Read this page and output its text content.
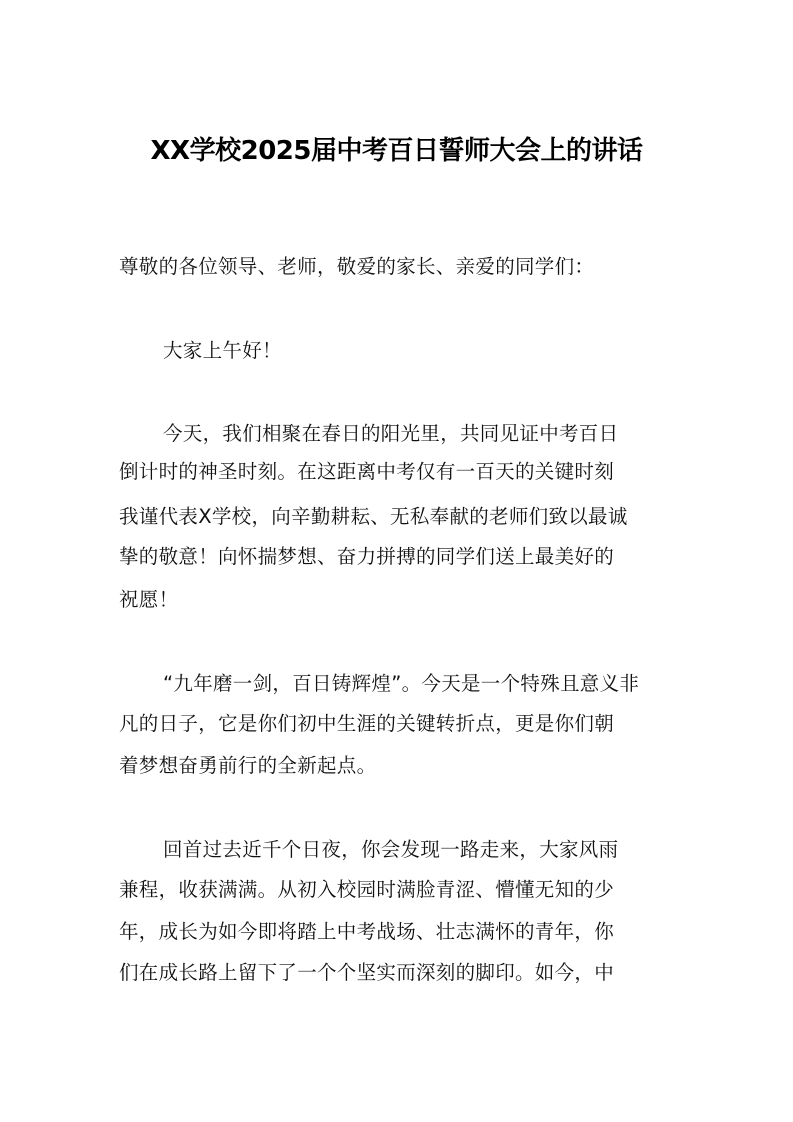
XX学校2025届中考百日誓师大会上的讲话
尊敬的各位领导、老师，敬爱的家长、亲爱的同学们：
大家上午好！
今天，我们相聚在春日的阳光里，共同见证中考百日
倒计时的神圣时刻。在这距离中考仅有一百天的关键时刻
我谨代表X学校，向辛勤耕耘、无私奉献的老师们致以最诚
挚的敬意！向怀揣梦想、奋力拼搏的同学们送上最美好的
祝愿！
“九年磨一剑，百日铸辉煌”。今天是一个特殊且意义非
凡的日子，它是你们初中生涯的关键转折点，更是你们朝
着梦想奋勇前行的全新起点。
回首过去近千个日夜，你会发现一路走来，大家风雨
兼程，收获满满。从初入校园时满脸青涩、懵懂无知的少
年，成长为如今即将踏上中考战场、壮志满怀的青年，你
们在成长路上留下了一个个坚实而深刻的脚印。如今，中
